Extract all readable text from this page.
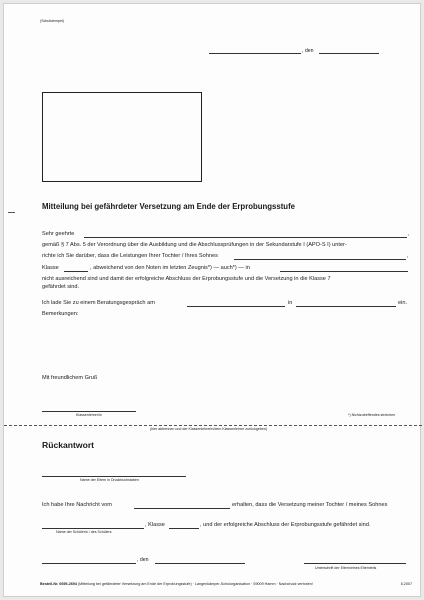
(Schulstempel)
, den
Mitteilung bei gefährdeter Versetzung am Ende der Erprobungsstufe
Sehr geehrte	,
gemäß § 7 Abs. 5 der Verordnung über die Ausbildung und die Abschlussprüfungen in der Sekundarstufe I (APO-S I) unter-
richte ich Sie darüber, dass die Leistungen Ihrer Tochter / Ihres Sohnes	,
Klasse	, abweichend von den Noten im letzten Zeugnis*) — auch*) — in
nicht ausreichend sind und damit der erfolgreiche Abschluss der Erprobungsstufe und die Versetzung in die Klasse 7
gefährdet sind.
Ich lade Sie zu einem Beratungsgespräch am	in	ein.
Bemerkungen:
Mit freundlichem Gruß
Klassenlehrer/in	*) Nichtzutreffendes streichen
(hier abtrennen und der Klassenlehrerin/dem Klassenlehrer zurückgeben)
Rückantwort
Name der Eltern in Druckbuchstaben
Ich habe Ihre Nachricht vom	erhalten, dass die Versetzung meiner Tochter / meines Sohnes
, Klasse	, und der erfolgreiche Abschluss der Erprobungsstufe gefährdet sind.
Name der Schülerin / des Schülers
, den
Unterschrift der Eltern/eines Elternteils
Bestell-Nr. 0695-2694 (Mitteilung bei gefährdeter Versetzung am Ende der Erprobungsstufe) · Langenkämper-Schulorganisation · 59009 Hamm · Nachdruck verboten!	6.2007
